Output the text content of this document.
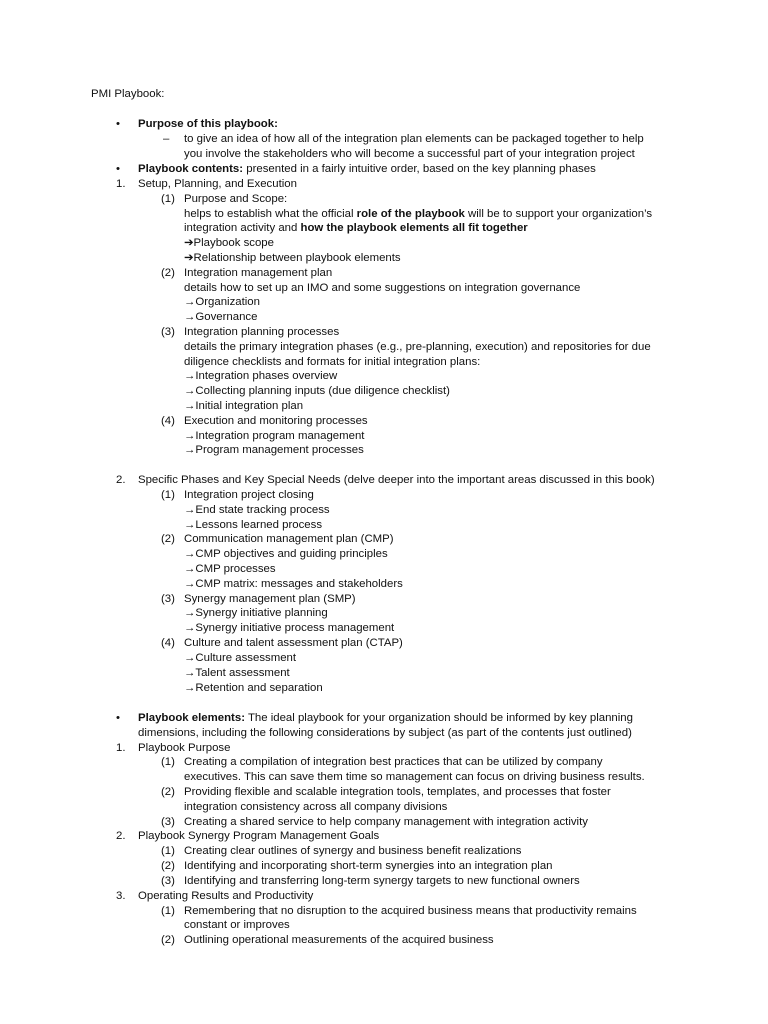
PMI Playbook:
• Purpose of this playbook:
– to give an idea of how all of the integration plan elements can be packaged together to help
you involve the stakeholders who will become a successful part of your integration project
• Playbook contents: presented in a fairly intuitive order, based on the key planning phases
1. Setup, Planning, and Execution
(1) Purpose and Scope:
helps to establish what the official role of the playbook will be to support your organization’s
integration activity and how the playbook elements all fit together
➔Playbook scope
➔Relationship between playbook elements
(2) Integration management plan
details how to set up an IMO and some suggestions on integration governance
→Organization
→Governance
(3) Integration planning processes
details the primary integration phases (e.g., pre-planning, execution) and repositories for due
diligence checklists and formats for initial integration plans:
→Integration phases overview
→Collecting planning inputs (due diligence checklist)
→Initial integration plan
(4) Execution and monitoring processes
→Integration program management
→Program management processes
2. Specific Phases and Key Special Needs (delve deeper into the important areas discussed in this book)
(1) Integration project closing
→End state tracking process
→Lessons learned process
(2) Communication management plan (CMP)
→CMP objectives and guiding principles
→CMP processes
→CMP matrix: messages and stakeholders
(3) Synergy management plan (SMP)
→Synergy initiative planning
→Synergy initiative process management
(4) Culture and talent assessment plan (CTAP)
→Culture assessment
→Talent assessment
→Retention and separation
• Playbook elements: The ideal playbook for your organization should be informed by key planning
dimensions, including the following considerations by subject (as part of the contents just outlined)
1. Playbook Purpose
(1) Creating a compilation of integration best practices that can be utilized by company
executives. This can save them time so management can focus on driving business results.
(2) Providing flexible and scalable integration tools, templates, and processes that foster
integration consistency across all company divisions
(3) Creating a shared service to help company management with integration activity
2. Playbook Synergy Program Management Goals
(1) Creating clear outlines of synergy and business benefit realizations
(2) Identifying and incorporating short-term synergies into an integration plan
(3) Identifying and transferring long-term synergy targets to new functional owners
3. Operating Results and Productivity
(1) Remembering that no disruption to the acquired business means that productivity remains
constant or improves
(2) Outlining operational measurements of the acquired business
